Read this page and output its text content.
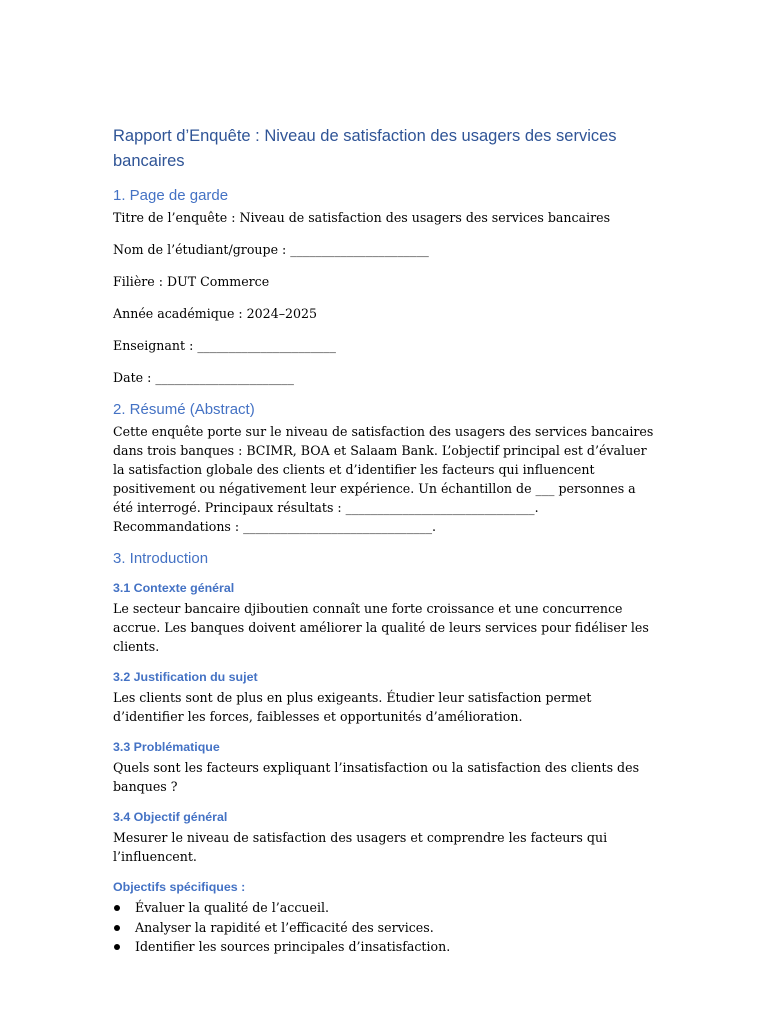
Rapport d’Enquête : Niveau de satisfaction des usagers des services bancaires
1. Page de garde
Titre de l’enquête : Niveau de satisfaction des usagers des services bancaires
Nom de l’étudiant/groupe : ______________________
Filière : DUT Commerce
Année académique : 2024–2025
Enseignant : ______________________
Date : ______________________
2. Résumé (Abstract)
Cette enquête porte sur le niveau de satisfaction des usagers des services bancaires dans trois banques : BCIMR, BOA et Salaam Bank. L’objectif principal est d’évaluer la satisfaction globale des clients et d’identifier les facteurs qui influencent positivement ou négativement leur expérience. Un échantillon de ___ personnes a été interrogé. Principaux résultats : ______________________________. Recommandations : ______________________________.
3. Introduction
3.1 Contexte général
Le secteur bancaire djiboutien connaît une forte croissance et une concurrence accrue. Les banques doivent améliorer la qualité de leurs services pour fidéliser les clients.
3.2 Justification du sujet
Les clients sont de plus en plus exigeants. Étudier leur satisfaction permet d’identifier les forces, faiblesses et opportunités d’amélioration.
3.3 Problématique
Quels sont les facteurs expliquant l’insatisfaction ou la satisfaction des clients des banques ?
3.4 Objectif général
Mesurer le niveau de satisfaction des usagers et comprendre les facteurs qui l’influencent.
Objectifs spécifiques :
Évaluer la qualité de l’accueil.
Analyser la rapidité et l’efficacité des services.
Identifier les sources principales d’insatisfaction.
